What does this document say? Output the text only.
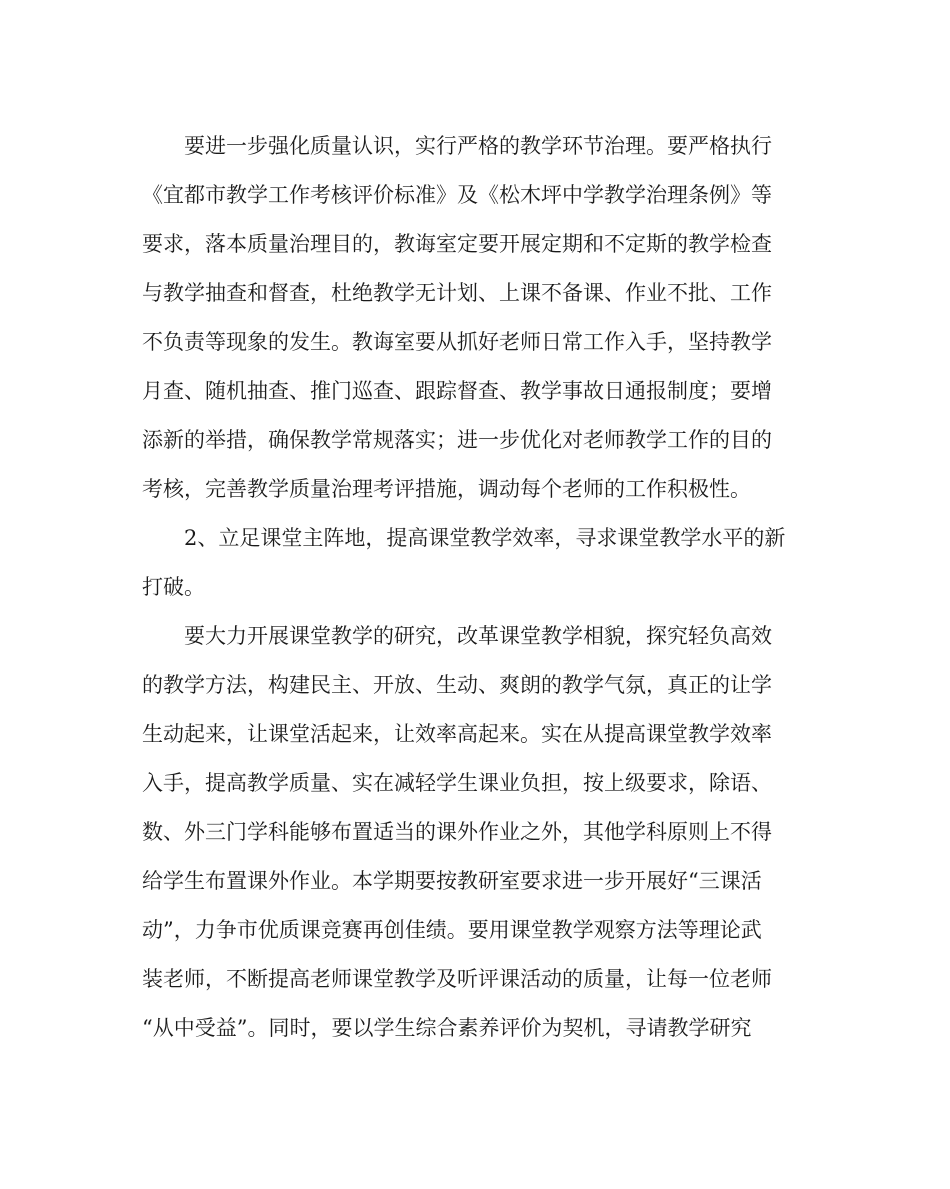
要进一步强化质量认识，实行严格的教学环节治理。要严格执行
《宜都市教学工作考核评价标准》及《松木坪中学教学治理条例》等
要求，落本质量治理目的，教诲室定要开展定期和不定斯的教学检查
与教学抽查和督查，杜绝教学无计划、上课不备课、作业不批、工作
不负责等现象的发生。教诲室要从抓好老师日常工作入手，坚持教学
月查、随机抽查、推门巡查、跟踪督查、教学事故日通报制度；要增
添新的举措，确保教学常规落实；进一步优化对老师教学工作的目的
考核，完善教学质量治理考评措施，调动每个老师的工作积极性。
2、立足课堂主阵地，提高课堂教学效率，寻求课堂教学水平的新
打破。
要大力开展课堂教学的研究，改革课堂教学相貌，探究轻负高效
的教学方法，构建民主、开放、生动、爽朗的教学气氛，真正的让学
生动起来，让课堂活起来，让效率高起来。实在从提高课堂教学效率
入手，提高教学质量、实在减轻学生课业负担，按上级要求，除语、
数、外三门学科能够布置适当的课外作业之外，其他学科原则上不得
给学生布置课外作业。本学期要按教研室要求进一步开展好“三课活
动”，力争市优质课竞赛再创佳绩。要用课堂教学观察方法等理论武
装老师，不断提高老师课堂教学及听评课活动的质量，让每一位老师
“从中受益”。同时，要以学生综合素养评价为契机，寻请教学研究
